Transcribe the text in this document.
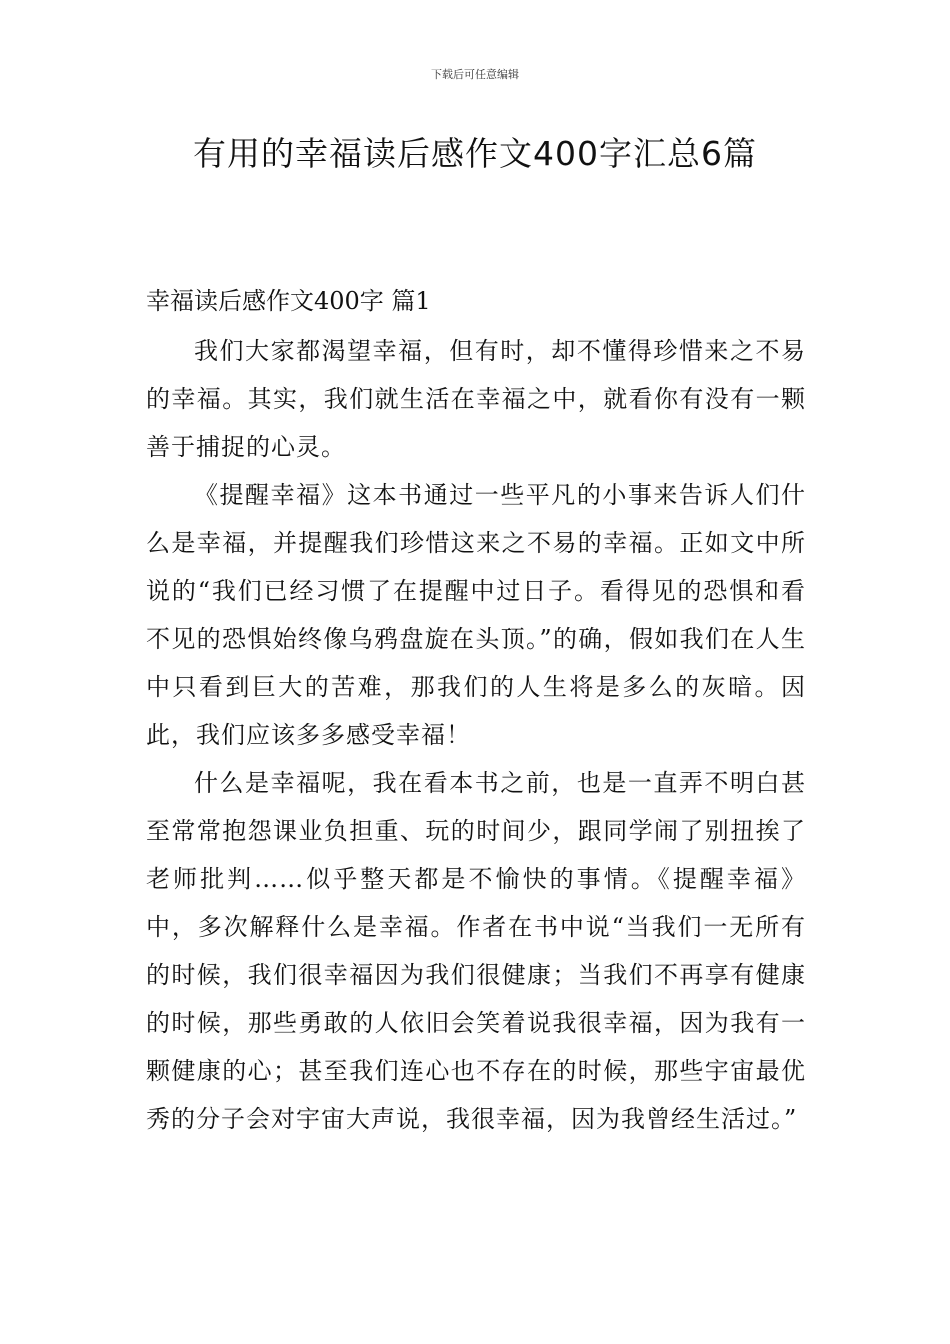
下载后可任意编辑
有用的幸福读后感作文400字汇总6篇
幸福读后感作文400字 篇1

我们大家都渴望幸福，但有时，却不懂得珍惜来之不易的幸福。其实，我们就生活在幸福之中，就看你有没有一颗善于捕捉的心灵。

《提醒幸福》这本书通过一些平凡的小事来告诉人们什么是幸福，并提醒我们珍惜这来之不易的幸福。正如文中所说的“我们已经习惯了在提醒中过日子。看得见的恐惧和看不见的恐惧始终像乌鸦盘旋在头顶。”的确，假如我们在人生中只看到巨大的苦难，那我们的人生将是多么的灰暗。因此，我们应该多多感受幸福！

什么是幸福呢，我在看本书之前，也是一直弄不明白甚至常常抱怨课业负担重、玩的时间少，跟同学闹了别扭挨了老师批判……似乎整天都是不愉快的事情。《提醒幸福》中，多次解释什么是幸福。作者在书中说“当我们一无所有的时候，我们很幸福因为我们很健康；当我们不再享有健康的时候，那些勇敢的人依旧会笑着说我很幸福，因为我有一颗健康的心；甚至我们连心也不存在的时候，那些宇宙最优秀的分子会对宇宙大声说，我很幸福，因为我曾经生活过。”
